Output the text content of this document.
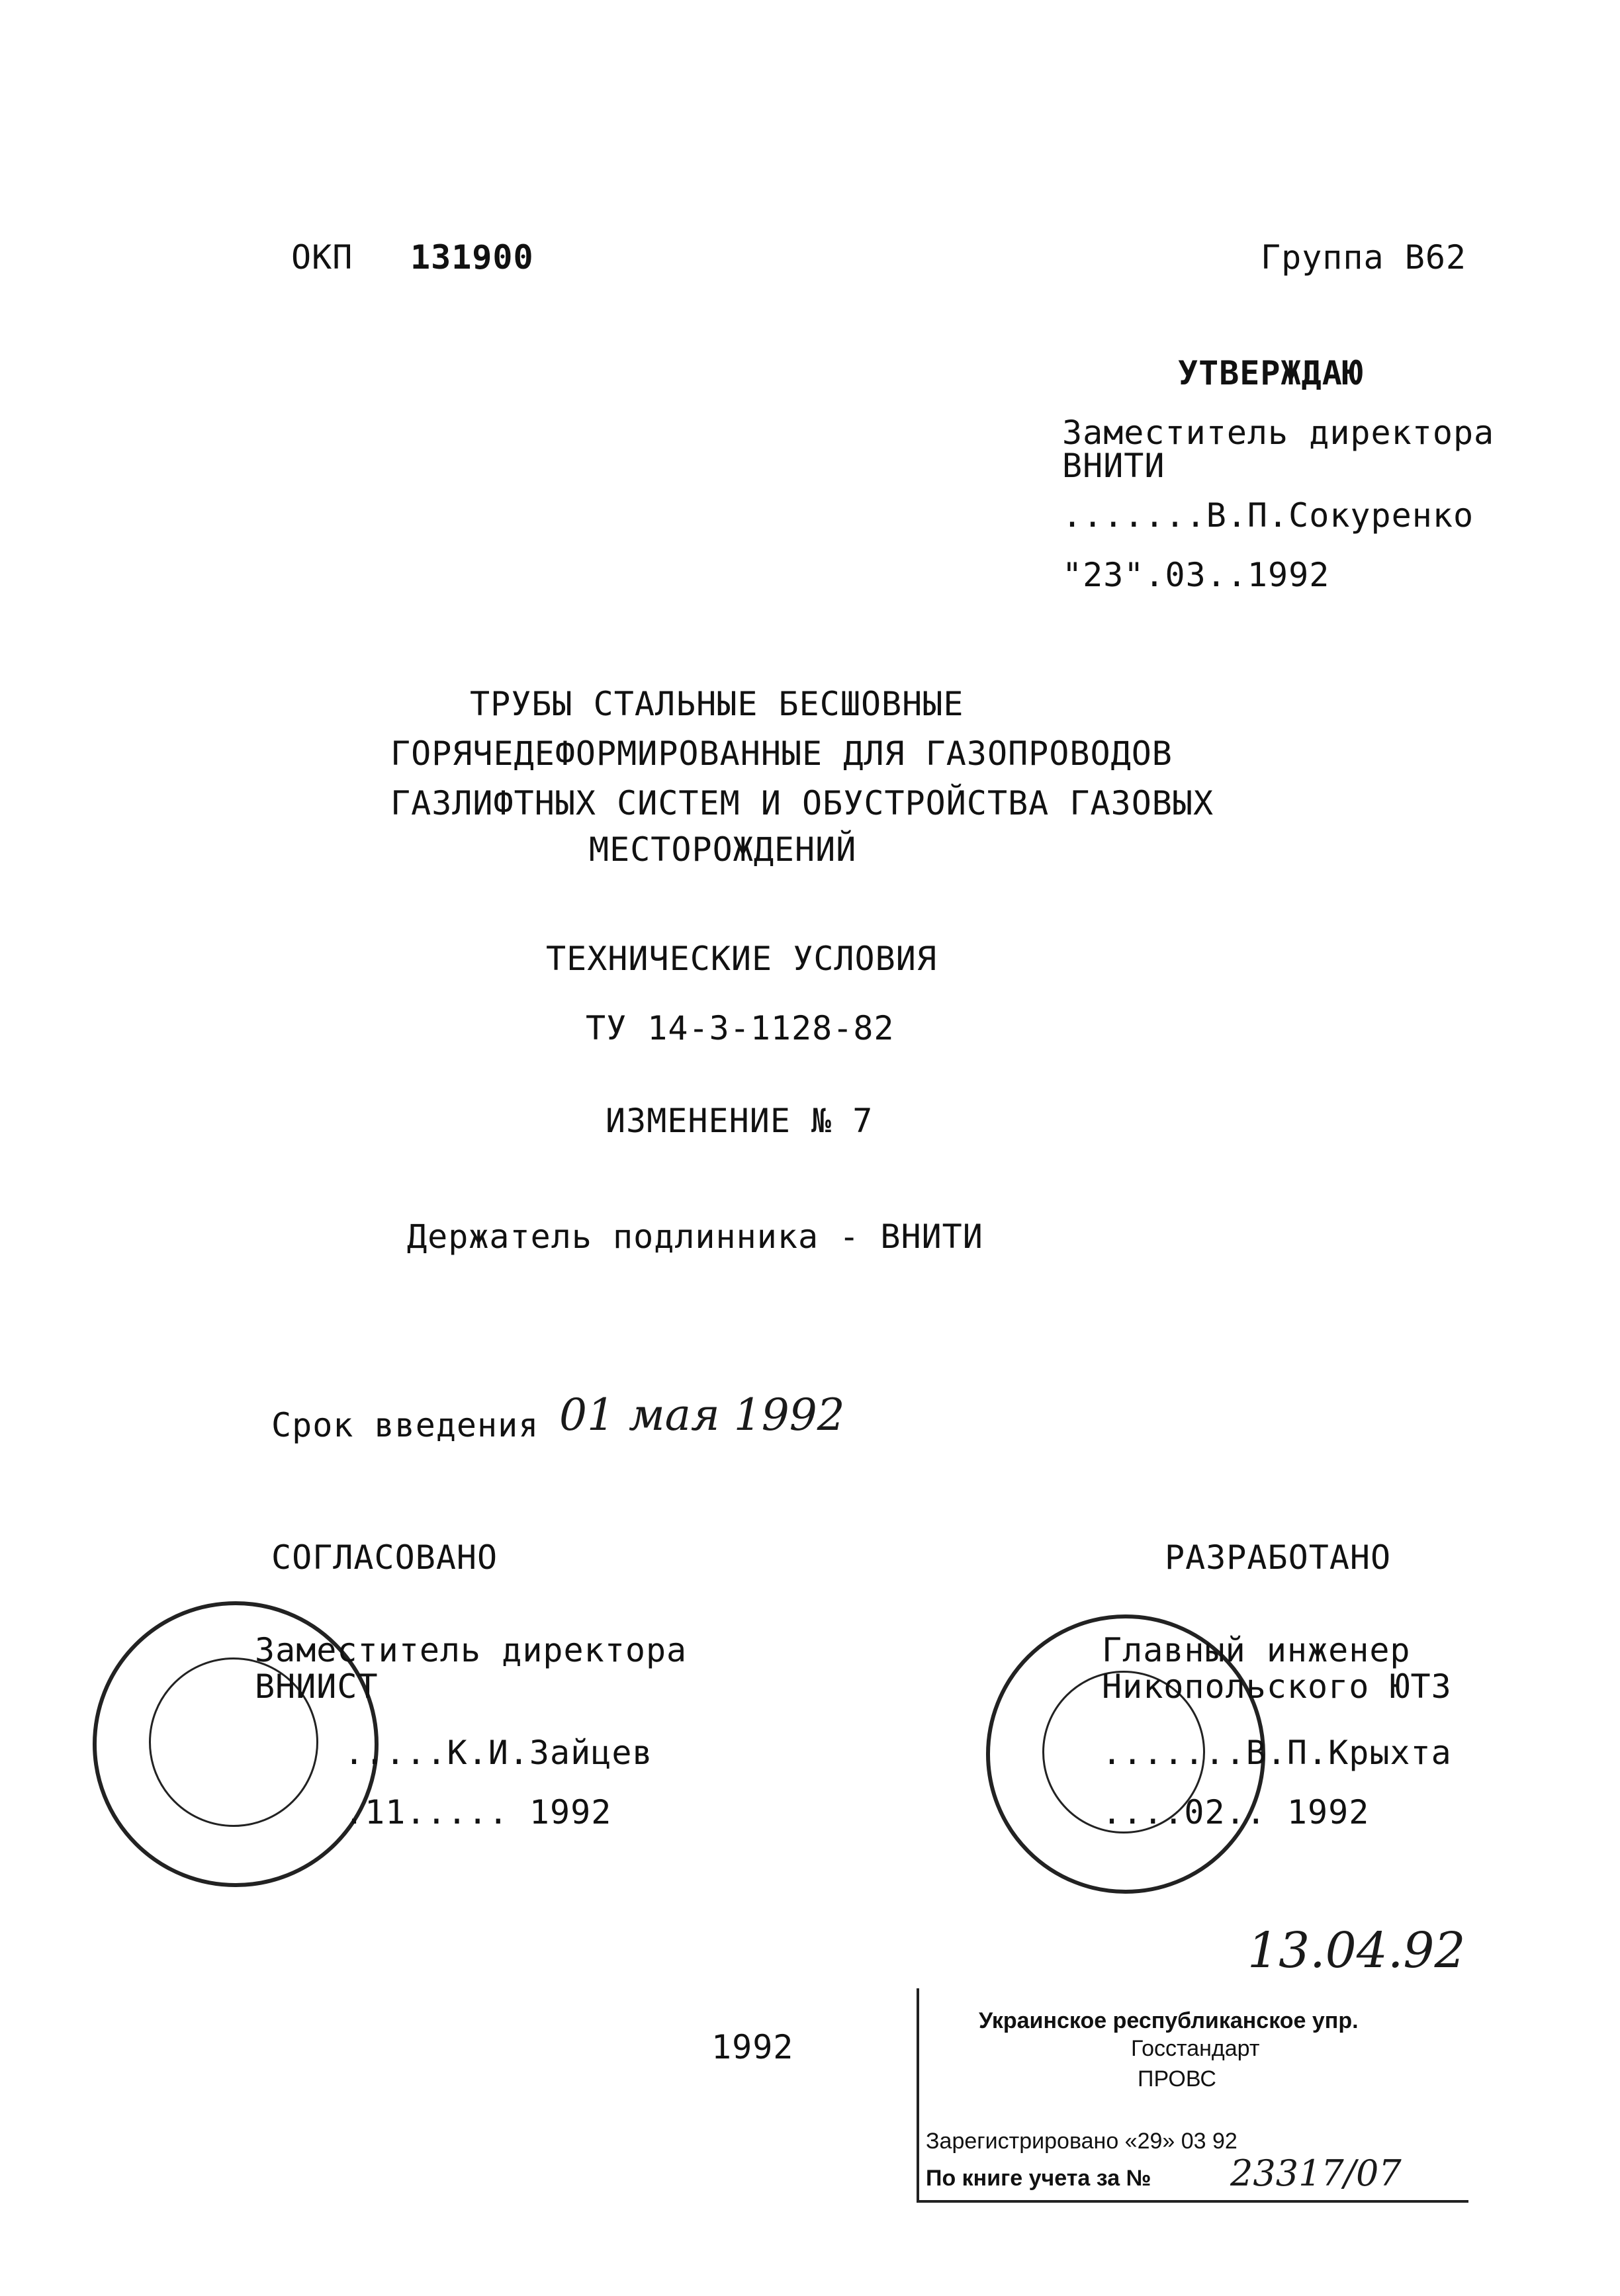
ОКП 131900	Группа В62
УТВЕРЖДАЮ
Заместитель директора
ВНИТИ
.......В.П.Сокуренко
"23".03..1992
ТРУБЫ СТАЛЬНЫЕ БЕСШОВНЫЕ
ГОРЯЧЕДЕФОРМИРОВАННЫЕ ДЛЯ ГАЗОПРОВОДОВ
ГАЗЛИФТНЫХ СИСТЕМ И ОБУСТРОЙСТВА ГАЗОВЫХ
МЕСТОРОЖДЕНИЙ
ТЕХНИЧЕСКИЕ УСЛОВИЯ
ТУ 14-3-1128-82
ИЗМЕНЕНИЕ № 7
Держатель подлинника - ВНИТИ
Срок введения 01 мая 1992
СОГЛАСОВАНО
Заместитель директора
ВНИИСТ
.....К.И.Зайцев
.11..... 1992
РАЗРАБОТАНО
Главный инженер
Никопольского ЮТЗ
.......В.П.Крыхта
....02.. 1992
13.04.92
1992
Украинское республиканское упр.
Госстандарт
ПРОВС
Зарегистрировано «29» 03 92
По книге учета за № 23317/07
